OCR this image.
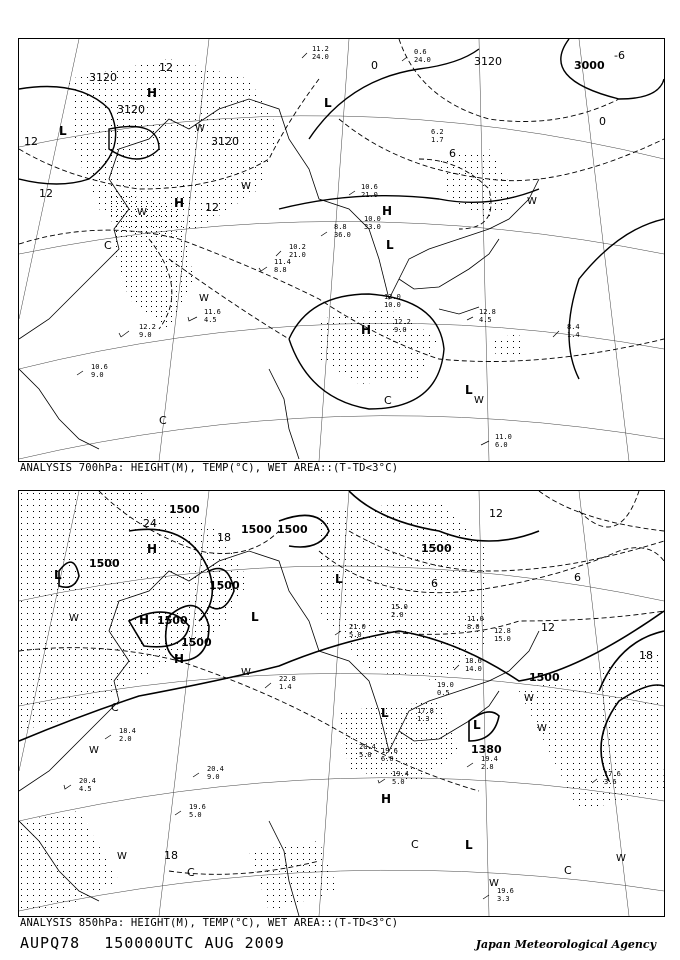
3120
3120
3120
3120	3000
12
12
12
12
0
0
-6
6
C
C
C
H
H
H
H
L
L
L
L
W
W
W
W
W
W
11.0
6.0
12.2
9.0
10.6
9.0
11.4
8.8
12.8
4.5
11.6
4.5
10.2
21.0
8.8
36.0
10.6
21.0
13.0
10.0
12.2
9.0
10.0
33.0
6.2
1.7
0.6
24.0
11.2
24.0
8.4
1.4
ANALYSIS 700hPa: HEIGHT(M), TEMP(°C), WET AREA::(T-TD<3°C)
1500
1500 1500
1500
1500
1500
1500
1500
1500
1380
24
18
18
18
12
12
6	6
C
C
C
C
H
H
H
H
L
L
L
L
L
L
W
W
W
W
W
W
W
W
19.6
3.3
19.4
5.0
20.4
5.0 19.6
6.0	19.4
2.8
17.6
3.6
20.4
4.5
19.6
5.0
22.8
1.4
21.0
5.0
18.6
14.0
17.8
1.3
19.0
0.5
15.0
2.0	11.0
8.0 12.8
15.0
18.4
2.0
20.4
9.0
ANALYSIS 850hPa: HEIGHT(M), TEMP(°C), WET AREA::(T-TD<3°C)
AUPQ78 150000UTC AUG 2009	Japan Meteorological Agency
